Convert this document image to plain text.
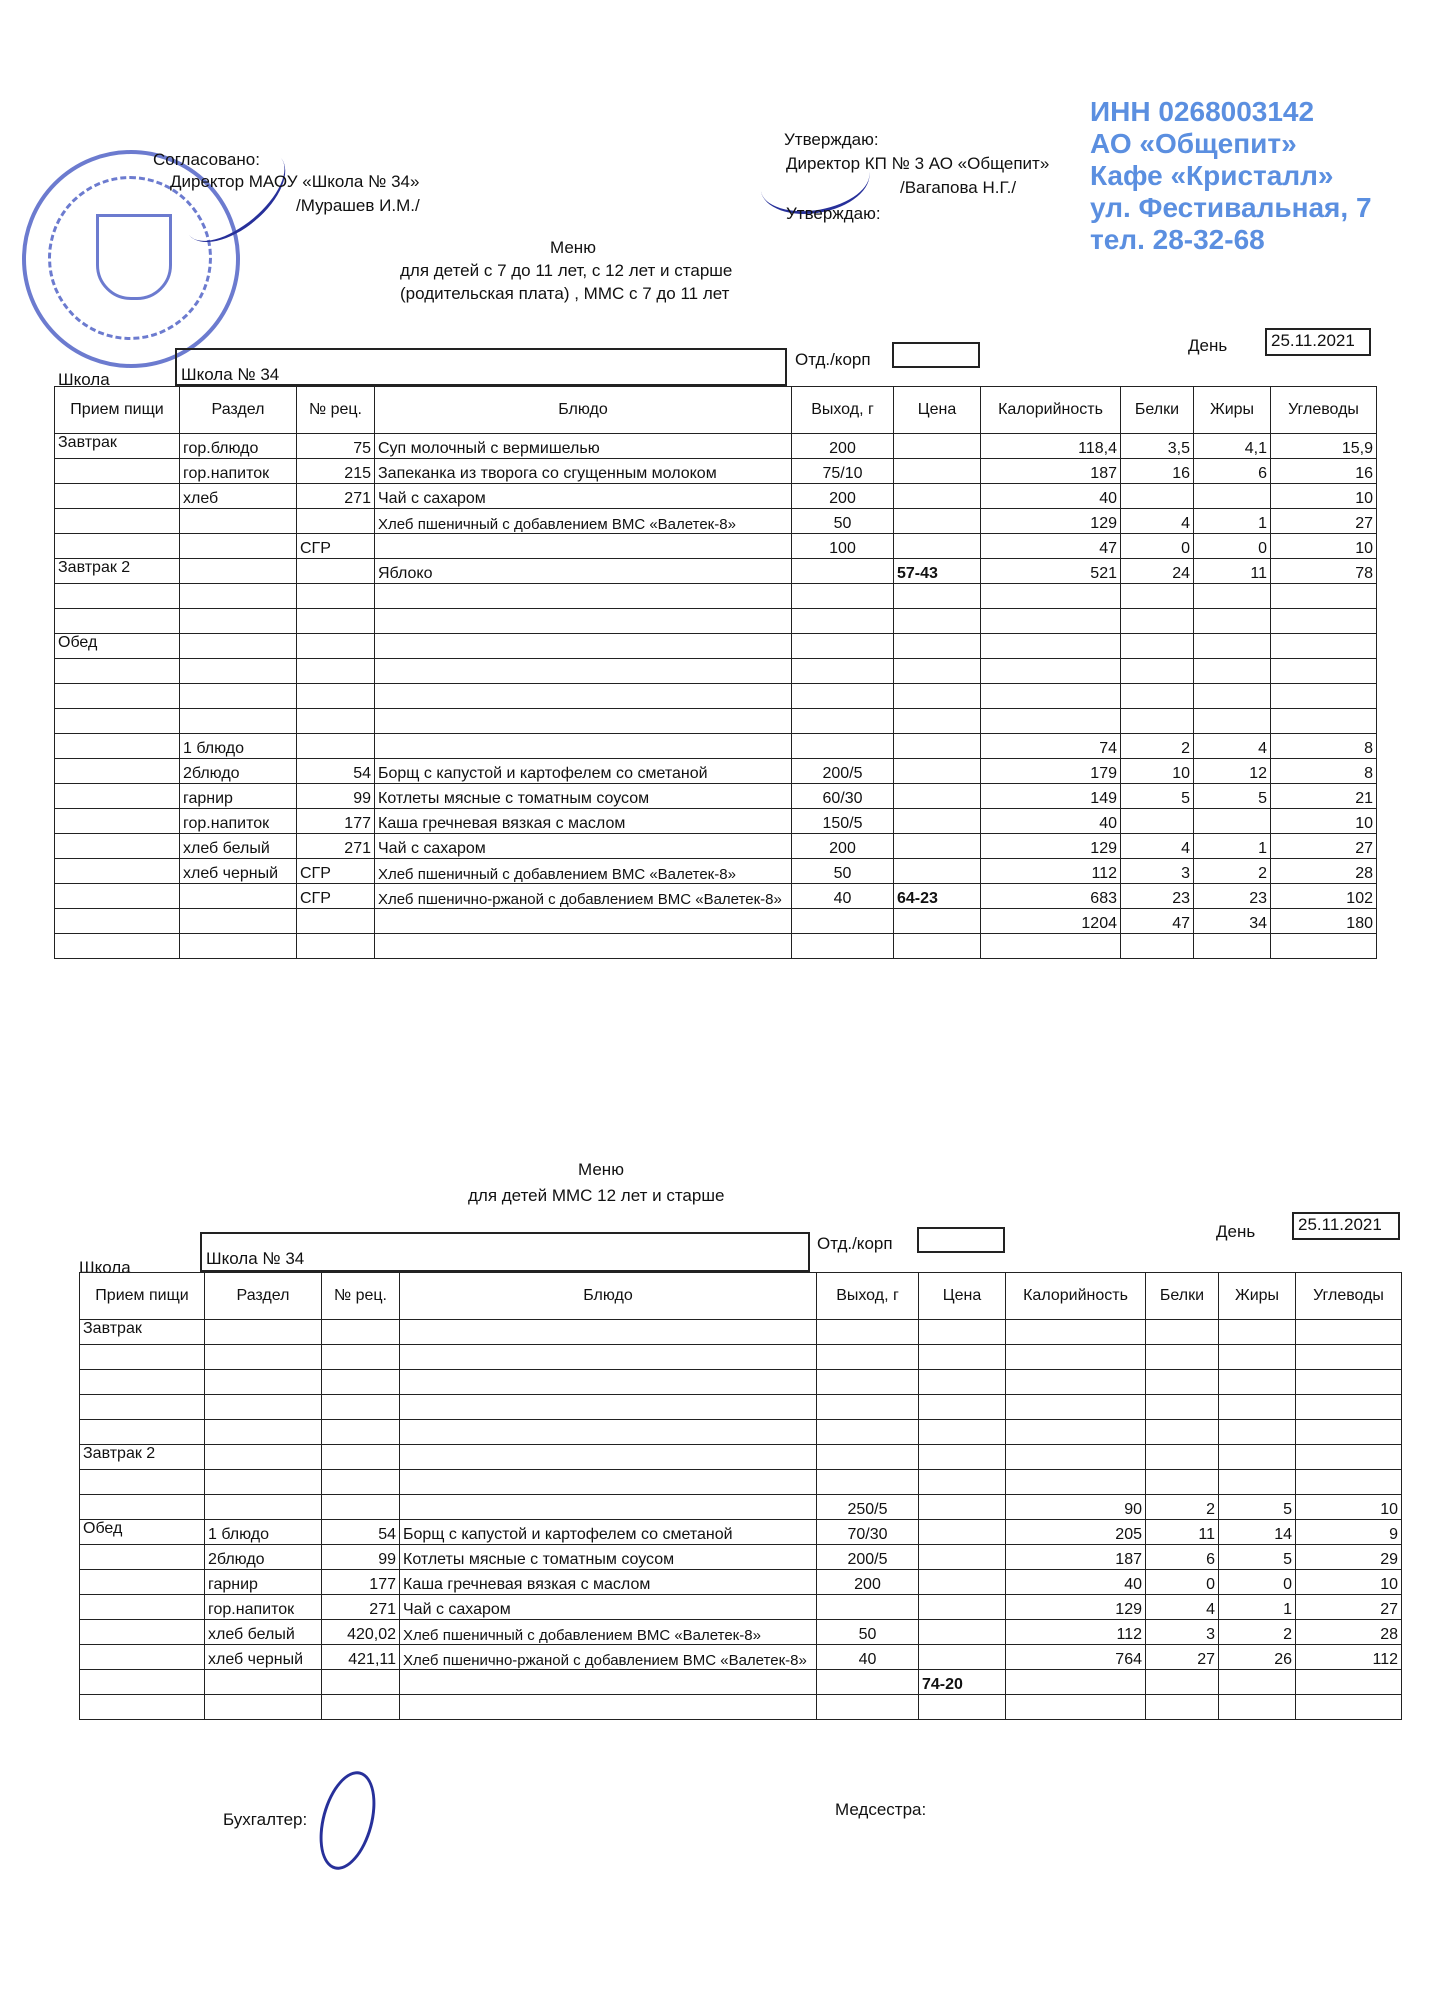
ИНН 0268003142
АО «Общепит»
Кафе «Кристалл»
ул. Фестивальная, 7
тел. 28-32-68
Согласовано:
Директор МАОУ «Школа № 34»
/Мурашев И.М./
Утверждаю:
Директор КП № 3 АО «Общепит»
/Вагапова Н.Г./
Утверждаю:
Меню
для детей с 7 до 11 лет, с 12 лет и старше
(родительская плата) , ММС с 7 до 11 лет
Школа	Школа № 34
Отд./корп
День	25.11.2021
Прием пищи	Раздел	№ рец.	Блюдо	Выход, г	Цена	Калорийность	Белки	Жиры	Углеводы
Завтрак	гор.блюдо	75	Суп молочный с вермишелью	200		118,4	3,5	4,1	15,9
	гор.напиток	215	Запеканка из творога со сгущенным молоком	75/10		187	16	6	16
	хлеб	271	Чай с сахаром	200		40			10
			Хлеб пшеничный с добавлением ВМС «Валетек-8»	50		129	4	1	27
		СГР		100		47	0	0	10
Завтрак 2			Яблоко		57-43	521	24	11	78

Обед									

	1 блюдо					74	2	4	8
	2блюдо	54	Борщ с капустой и картофелем со сметаной	200/5		179	10	12	8
	гарнир	99	Котлеты мясные с томатным соусом	60/30		149	5	5	21
	гор.напиток	177	Каша гречневая вязкая с маслом	150/5		40			10
	хлеб белый	271	Чай с сахаром	200		129	4	1	27
	хлеб черный	СГР	Хлеб пшеничный с добавлением ВМС «Валетек-8»	50		112	3	2	28
		СГР	Хлеб пшенично-ржаной с добавлением ВМС «Валетек-8»	40	64-23	683	23	23	102
						1204	47	34	180

Меню
для детей ММС 12 лет и старше
Школа	Школа № 34
Отд./корп
День	25.11.2021
Прием пищи	Раздел	№ рец.	Блюдо	Выход, г	Цена	Калорийность	Белки	Жиры	Углеводы
Завтрак									

Завтрак 2									

				250/5		90	2	5	10
Обед	1 блюдо	54	Борщ с капустой и картофелем со сметаной	70/30		205	11	14	9
	2блюдо	99	Котлеты мясные с томатным соусом	200/5		187	6	5	29
	гарнир	177	Каша гречневая вязкая с маслом	200		40	0	0	10
	гор.напиток	271	Чай с сахаром			129	4	1	27
	хлеб белый	420,02	Хлеб пшеничный с добавлением ВМС «Валетек-8»	50		112	3	2	28
	хлеб черный	421,11	Хлеб пшенично-ржаной с добавлением ВМС «Валетек-8»	40		764	27	26	112
					74-20				

Бухгалтер:
Медсестра:
